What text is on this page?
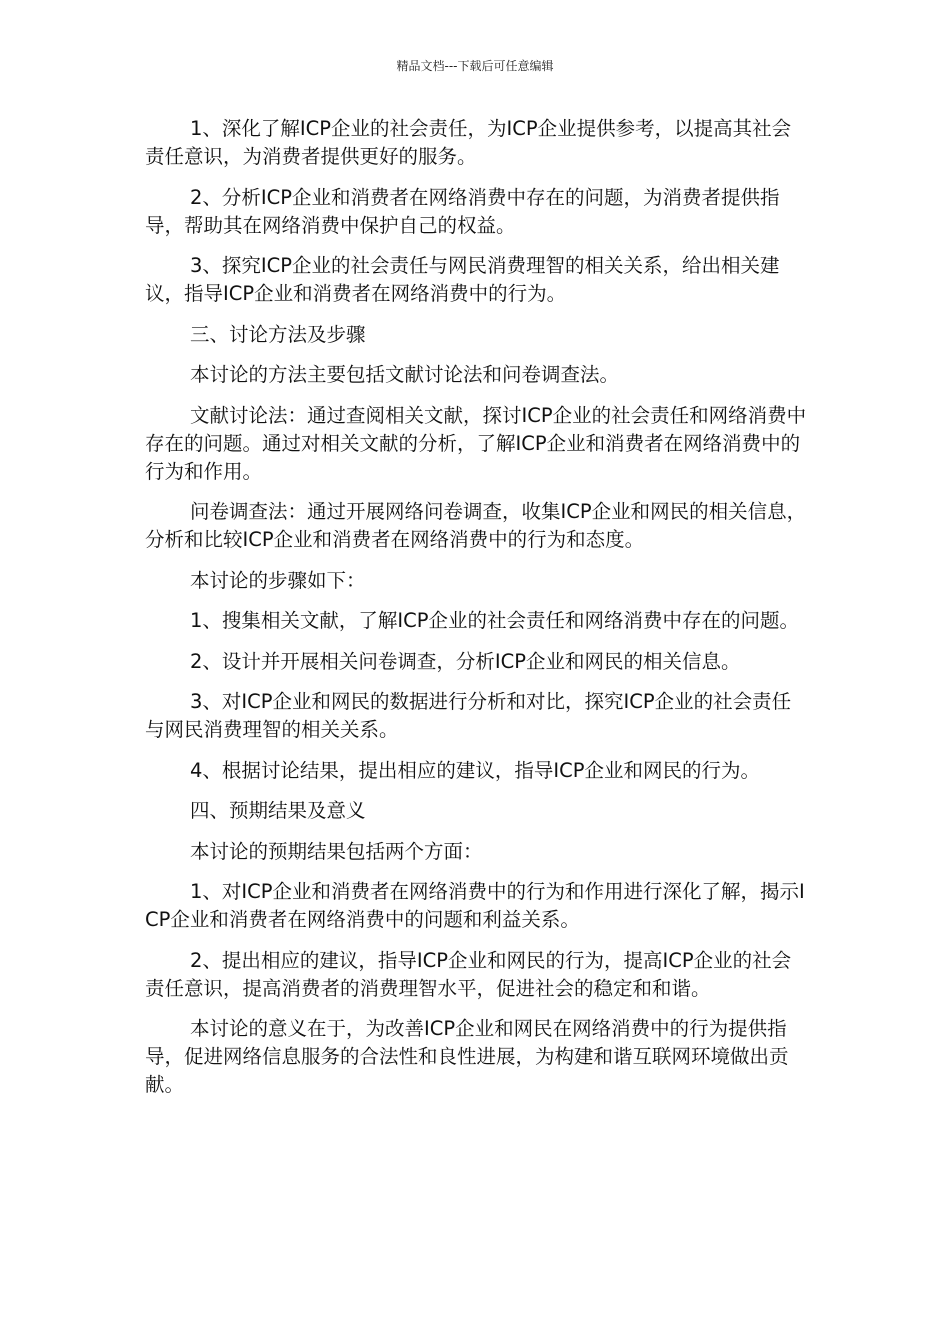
精品文档---下载后可任意编辑

1、深化了解ICP企业的社会责任，为ICP企业提供参考，以提高其社会责任意识，为消费者提供更好的服务。

2、分析ICP企业和消费者在网络消费中存在的问题，为消费者提供指导，帮助其在网络消费中保护自己的权益。

3、探究ICP企业的社会责任与网民消费理智的相关关系，给出相关建议，指导ICP企业和消费者在网络消费中的行为。

三、讨论方法及步骤

本讨论的方法主要包括文献讨论法和问卷调查法。

文献讨论法：通过查阅相关文献，探讨ICP企业的社会责任和网络消费中存在的问题。通过对相关文献的分析，了解ICP企业和消费者在网络消费中的行为和作用。

问卷调查法：通过开展网络问卷调查，收集ICP企业和网民的相关信息，分析和比较ICP企业和消费者在网络消费中的行为和态度。

本讨论的步骤如下：

1、搜集相关文献，了解ICP企业的社会责任和网络消费中存在的问题。

2、设计并开展相关问卷调查，分析ICP企业和网民的相关信息。

3、对ICP企业和网民的数据进行分析和对比，探究ICP企业的社会责任与网民消费理智的相关关系。

4、根据讨论结果，提出相应的建议，指导ICP企业和网民的行为。

四、预期结果及意义

本讨论的预期结果包括两个方面：

1、对ICP企业和消费者在网络消费中的行为和作用进行深化了解，揭示ICP企业和消费者在网络消费中的问题和利益关系。

2、提出相应的建议，指导ICP企业和网民的行为，提高ICP企业的社会责任意识，提高消费者的消费理智水平，促进社会的稳定和和谐。

本讨论的意义在于，为改善ICP企业和网民在网络消费中的行为提供指导，促进网络信息服务的合法性和良性进展，为构建和谐互联网环境做出贡献。
